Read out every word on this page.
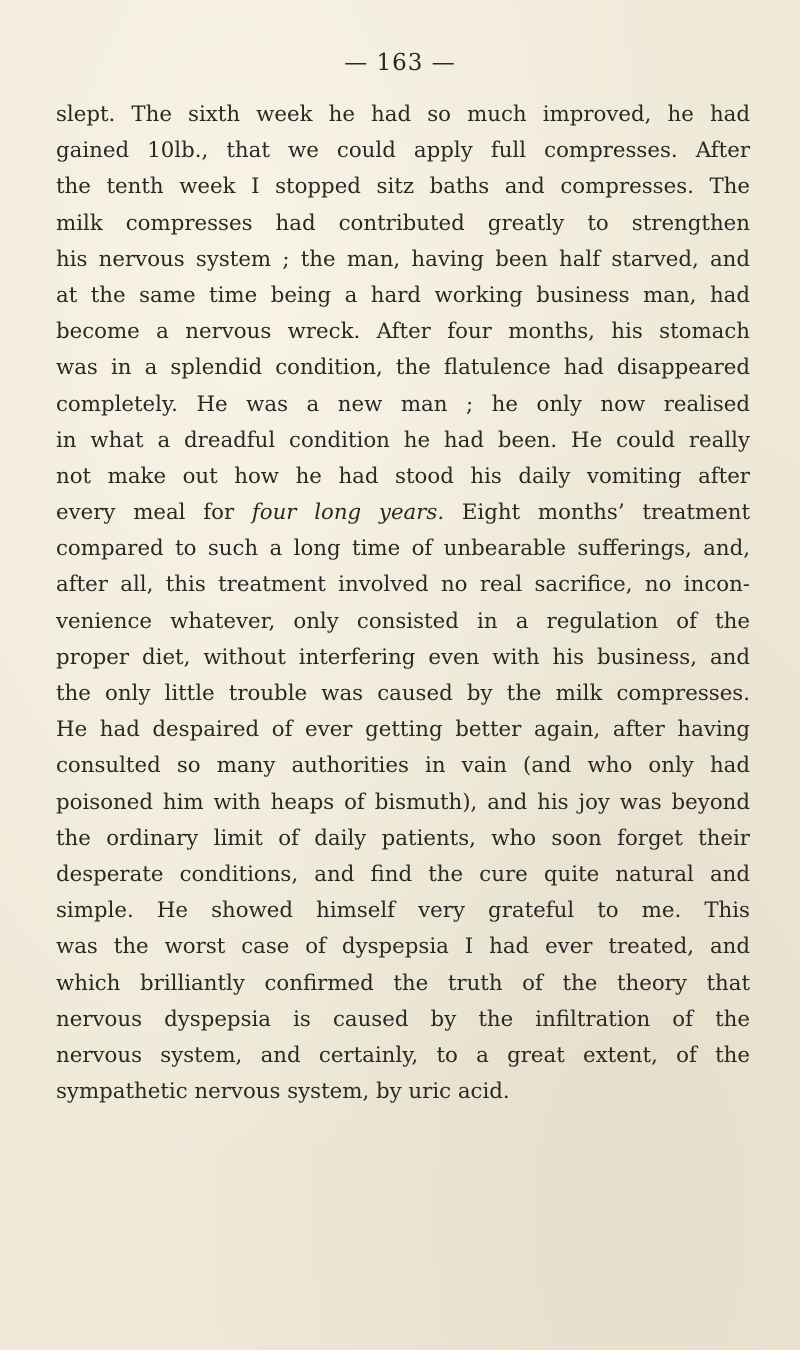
— 163 —
slept. The sixth week he had so much improved, he had
gained 10lb., that we could apply full compresses. After
the tenth week I stopped sitz baths and compresses. The
milk compresses had contributed greatly to strengthen
his nervous system ; the man, having been half starved, and
at the same time being a hard working business man, had
become a nervous wreck. After four months, his stomach
was in a splendid condition, the flatulence had disappeared
completely. He was a new man ; he only now realised
in what a dreadful condition he had been. He could really
not make out how he had stood his daily vomiting after
every meal for four long years. Eight months’ treatment
compared to such a long time of unbearable sufferings, and,
after all, this treatment involved no real sacrifice, no incon-
venience whatever, only consisted in a regulation of the
proper diet, without interfering even with his business, and
the only little trouble was caused by the milk compresses.
He had despaired of ever getting better again, after having
consulted so many authorities in vain (and who only had
poisoned him with heaps of bismuth), and his joy was beyond
the ordinary limit of daily patients, who soon forget their
desperate conditions, and find the cure quite natural and
simple. He showed himself very grateful to me. This
was the worst case of dyspepsia I had ever treated, and
which brilliantly confirmed the truth of the theory that
nervous dyspepsia is caused by the infiltration of the
nervous system, and certainly, to a great extent, of the
sympathetic nervous system, by uric acid.
